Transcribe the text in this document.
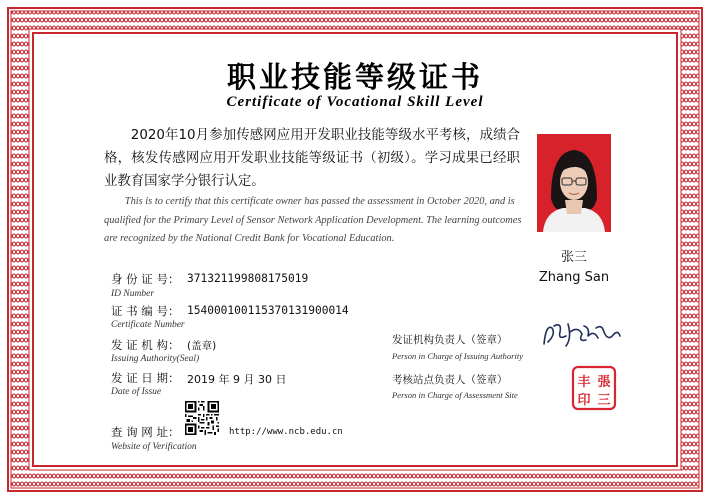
职业技能等级证书
Certificate of Vocational Skill Level
2020年10月参加传感网应用开发职业技能等级水平考核，成绩合格，核发传感网应用开发职业技能等级证书（初级）。学习成果已经职业教育国家学分银行认定。
This is to certify that this certificate owner has passed the assessment in October 2020, and is qualified for the Primary Level of Sensor Network Application Development. The learning outcomes are recognized by the National Credit Bank for Vocational Education.
张三
Zhang San
身 份 证 号： 371321199808175019
ID Number
证 书 编 号： 154000100115370131900014
Certificate Number
发 证 机 构： (盖章)
Issuing Authority(Seal)
发 证 日 期： 2019 年 9 月 30 日
Date of Issue
查 询 网 址：	http://www.ncb.edu.cn
Website of Verification
发证机构负责人（签章）
Person in Charge of Issuing Authority
考核站点负责人（签章）
Person in Charge of Assessment Site
丰 張
印 三
